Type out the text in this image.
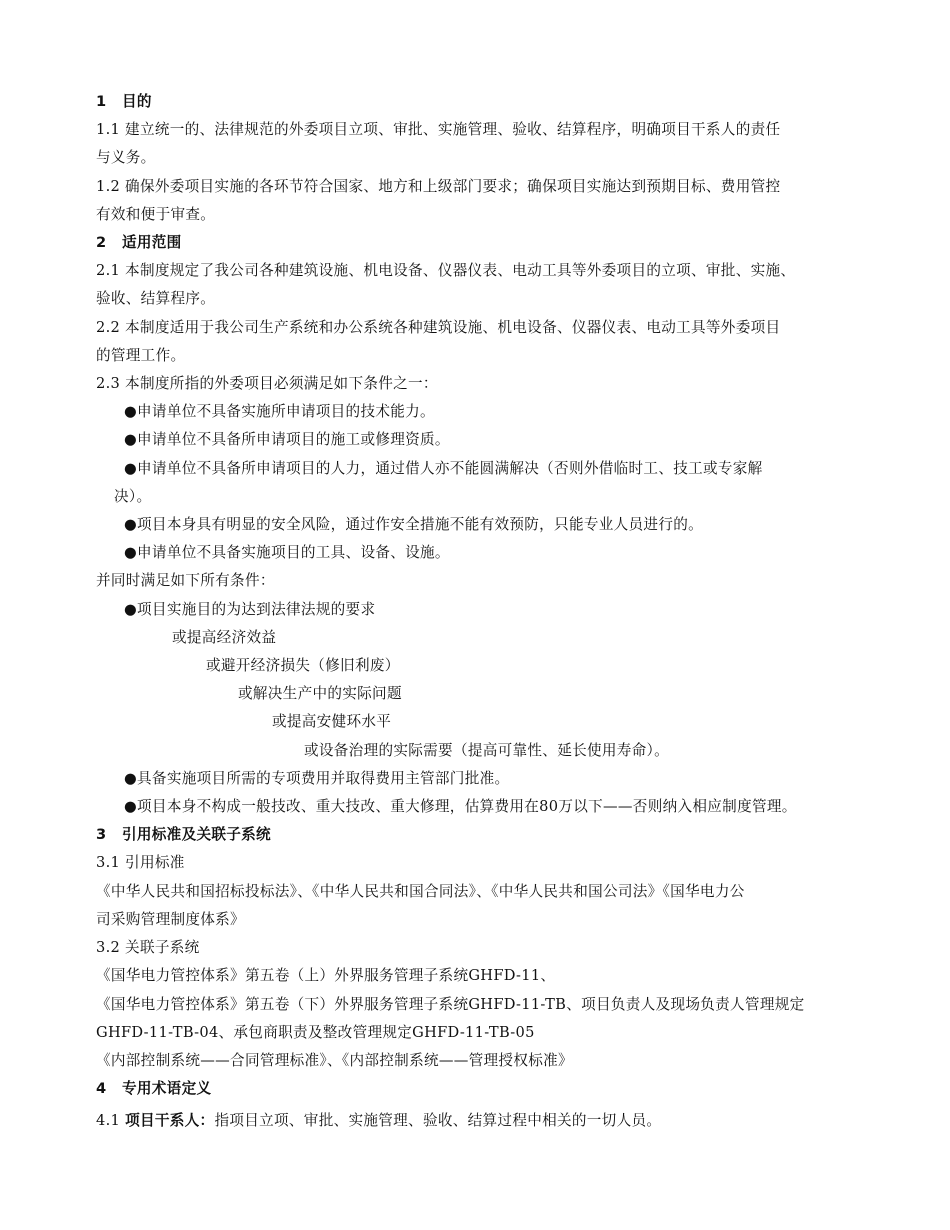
1 目的
1.1 建立统一的、法律规范的外委项目立项、审批、实施管理、验收、结算程序，明确项目干系人的责任
与义务。
1.2 确保外委项目实施的各环节符合国家、地方和上级部门要求；确保项目实施达到预期目标、费用管控
有效和便于审查。
2 适用范围
2.1 本制度规定了我公司各种建筑设施、机电设备、仪器仪表、电动工具等外委项目的立项、审批、实施、
验收、结算程序。
2.2 本制度适用于我公司生产系统和办公系统各种建筑设施、机电设备、仪器仪表、电动工具等外委项目
的管理工作。
2.3 本制度所指的外委项目必须满足如下条件之一：
●申请单位不具备实施所申请项目的技术能力。
●申请单位不具备所申请项目的施工或修理资质。
●申请单位不具备所申请项目的人力，通过借人亦不能圆满解决（否则外借临时工、技工或专家解
决）。
●项目本身具有明显的安全风险，通过作安全措施不能有效预防，只能专业人员进行的。
●申请单位不具备实施项目的工具、设备、设施。
并同时满足如下所有条件：
●项目实施目的为达到法律法规的要求
或提高经济效益
或避开经济损失（修旧利废）
或解决生产中的实际问题
或提高安健环水平
或设备治理的实际需要（提高可靠性、延长使用寿命）。
●具备实施项目所需的专项费用并取得费用主管部门批准。
●项目本身不构成一般技改、重大技改、重大修理，估算费用在80万以下——否则纳入相应制度管理。
3 引用标准及关联子系统
3.1 引用标准
《中华人民共和国招标投标法》、《中华人民共和国合同法》、《中华人民共和国公司法》《国华电力公
司采购管理制度体系》
3.2 关联子系统
《国华电力管控体系》第五卷（上）外界服务管理子系统GHFD-11、
《国华电力管控体系》第五卷（下）外界服务管理子系统GHFD-11-TB、项目负责人及现场负责人管理规定
GHFD-11-TB-04、承包商职责及整改管理规定GHFD-11-TB-05
《内部控制系统——合同管理标准》、《内部控制系统——管理授权标准》
4 专用术语定义
4.1 项目干系人：指项目立项、审批、实施管理、验收、结算过程中相关的一切人员。
